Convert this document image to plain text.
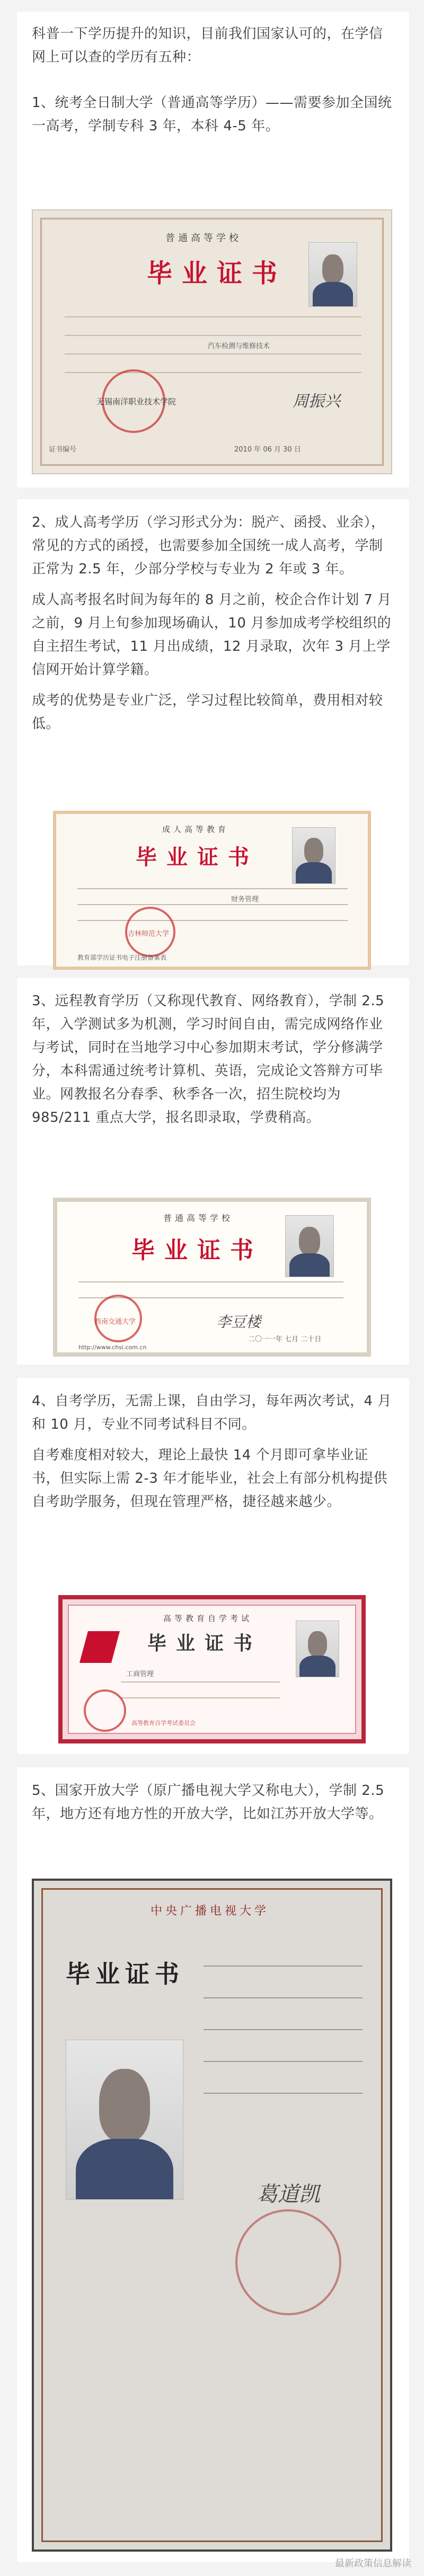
科普一下学历提升的知识，目前我们国家认可的，在学信网上可以查的学历有五种：

1、统考全日制大学（普通高等学历）——需要参加全国统一高考，学制专科 3 年，本科 4-5 年。

普通高等学校
毕业证书
汽车检测与维修技术
无锡南洋职业技术学院	周振兴
证书编号	2010 年 06 月 30 日

2、成人高考学历（学习形式分为：脱产、函授、业余），常见的方式的函授，也需要参加全国统一成人高考，学制正常为 2.5 年，少部分学校与专业为 2 年或 3 年。

成人高考报名时间为每年的 8 月之前，校企合作计划 7 月之前，9 月上旬参加现场确认，10 月参加成考学校组织的自主招生考试，11 月出成绩，12 月录取，次年 3 月上学信网开始计算学籍。

成考的优势是专业广泛，学习过程比较简单，费用相对较低。

成人高等教育
毕业证书
财务管理
吉林师范大学
教育部学历证书电子注册备案表

3、远程教育学历（又称现代教育、网络教育），学制 2.5 年，入学测试多为机测，学习时间自由，需完成网络作业与考试，同时在当地学习中心参加期末考试，学分修满学分，本科需通过统考计算机、英语，完成论文答辩方可毕业。网教报名分春季、秋季各一次，招生院校均为 985/211 重点大学，报名即录取，学费稍高。

普通高等学校
毕业证书
西南交通大学	李豆楼
二〇一一年 七月 二十日
http://www.chsi.com.cn

4、自考学历，无需上课，自由学习，每年两次考试，4 月和 10 月，专业不同考试科目不同。

自考难度相对较大，理论上最快 14 个月即可拿毕业证书，但实际上需 2-3 年才能毕业，社会上有部分机构提供自考助学服务，但现在管理严格，捷径越来越少。

高等教育自学考试
毕业证书
工商管理
高等教育自学考试委员会

5、国家开放大学（原广播电视大学又称电大），学制 2.5 年，地方还有地方性的开放大学，比如江苏开放大学等。

中央广播电视大学
毕业证书
葛道凯
最新政策信息解读
